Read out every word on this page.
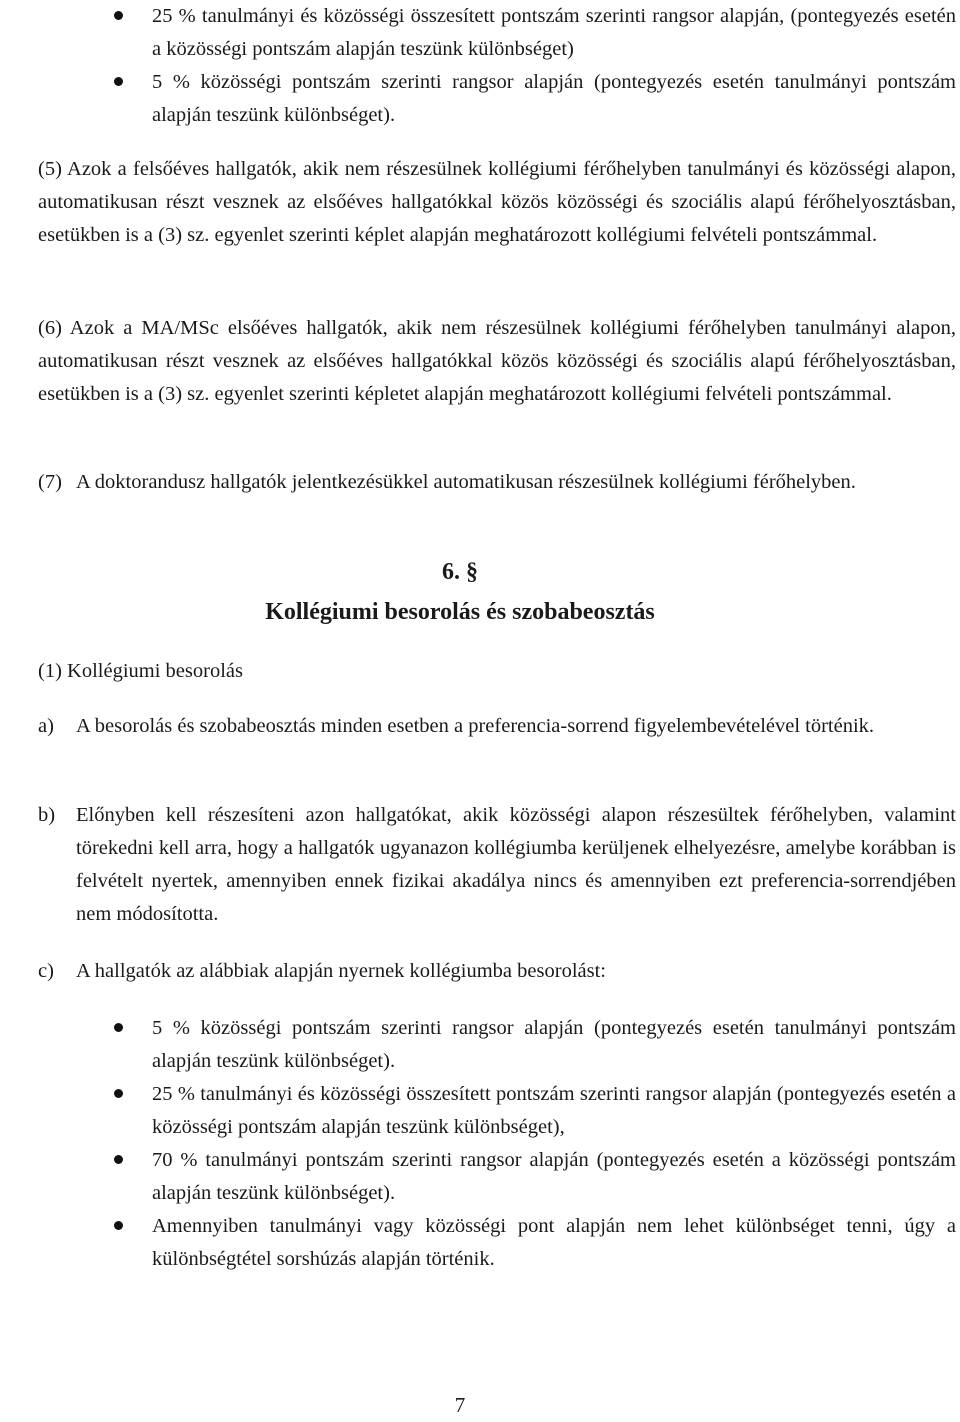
25 % tanulmányi és közösségi összesített pontszám szerinti rangsor alapján, (pontegyezés esetén a közösségi pontszám alapján teszünk különbséget)
5 % közösségi pontszám szerinti rangsor alapján (pontegyezés esetén tanulmányi pontszám alapján teszünk különbséget).

(5) Azok a felsőéves hallgatók, akik nem részesülnek kollégiumi férőhelyben tanulmányi és közösségi alapon, automatikusan részt vesznek az elsőéves hallgatókkal közös közösségi és szociális alapú férőhelyosztásban, esetükben is a (3) sz. egyenlet szerinti képlet alapján meghatározott kollégiumi felvételi pontszámmal.

(6) Azok a MA/MSc elsőéves hallgatók, akik nem részesülnek kollégiumi férőhelyben tanulmányi alapon, automatikusan részt vesznek az elsőéves hallgatókkal közös közösségi és szociális alapú férőhelyosztásban, esetükben is a (3) sz. egyenlet szerinti képletet alapján meghatározott kollégiumi felvételi pontszámmal.

(7) A doktorandusz hallgatók jelentkezésükkel automatikusan részesülnek kollégiumi férőhelyben.
6. §
Kollégiumi besorolás és szobabeosztás
(1) Kollégiumi besorolás
a) A besorolás és szobabeosztás minden esetben a preferencia-sorrend figyelembevételével történik.
b) Előnyben kell részesíteni azon hallgatókat, akik közösségi alapon részesültek férőhelyben, valamint törekedni kell arra, hogy a hallgatók ugyanazon kollégiumba kerüljenek elhelyezésre, amelybe korábban is felvételt nyertek, amennyiben ennek fizikai akadálya nincs és amennyiben ezt preferencia-sorrendjében nem módosította.
c) A hallgatók az alábbiak alapján nyernek kollégiumba besorolást:
5 % közösségi pontszám szerinti rangsor alapján (pontegyezés esetén tanulmányi pontszám alapján teszünk különbséget).
25 % tanulmányi és közösségi összesített pontszám szerinti rangsor alapján (pontegyezés esetén a közösségi pontszám alapján teszünk különbséget),
70 % tanulmányi pontszám szerinti rangsor alapján (pontegyezés esetén a közösségi pontszám alapján teszünk különbséget).
Amennyiben tanulmányi vagy közösségi pont alapján nem lehet különbséget tenni, úgy a különbségtétel sorshúzás alapján történik.
7
